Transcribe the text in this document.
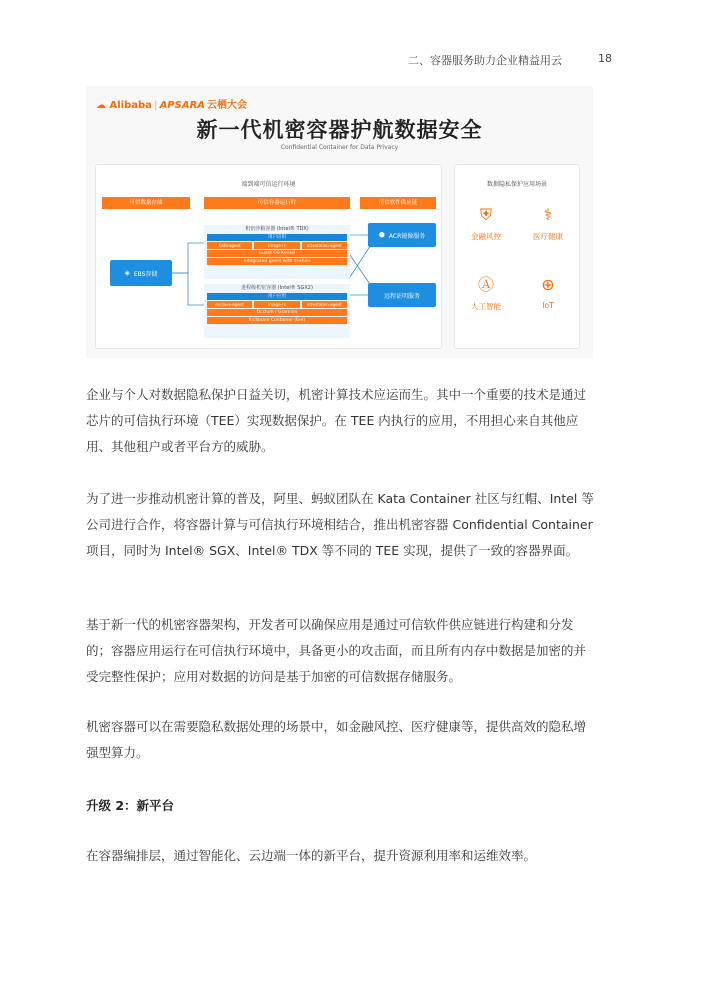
二、容器服务助力企业精益用云	18
☁ Alibaba | APSARA 云栖大会
新一代机密容器护航数据安全
Confidential Container for Data Privacy
端到端可信运行环境
可信数据存储	可信容器运行时	可信软件供应链
◈ EBS存储
机密沙箱容器 (Intel® TDX)
用户应用
Kata-agent	Image-rs	attestation-agent
Guest OS Kernel
Integrated guest with in-shim
进程级机密容器 (Intel® SGX2)
用户应用
enclave-agent	image-rs	attestation-agent
Occlum / Gramine
Inclavare Container (tee)
⬢ ACR镜像服务
远程证明服务
数据隐私保护应用场景
⛨
金融风控
⚕
医疗健康
Ⓐ
人工智能
⊕
IoT

企业与个人对数据隐私保护日益关切，机密计算技术应运而生。其中一个重要的技术是通过芯片的可信执行环境（TEE）实现数据保护。在 TEE 内执行的应用，不用担心来自其他应用、其他租户或者平台方的威胁。

为了进一步推动机密计算的普及，阿里、蚂蚁团队在 Kata Container 社区与红帽、Intel 等公司进行合作，将容器计算与可信执行环境相结合，推出机密容器 Confidential Container 项目，同时为 Intel® SGX、Intel® TDX 等不同的 TEE 实现，提供了一致的容器界面。

基于新一代的机密容器架构，开发者可以确保应用是通过可信软件供应链进行构建和分发的；容器应用运行在可信执行环境中，具备更小的攻击面，而且所有内存中数据是加密的并受完整性保护；应用对数据的访问是基于加密的可信数据存储服务。

机密容器可以在需要隐私数据处理的场景中，如金融风控、医疗健康等，提供高效的隐私增强型算力。

升级 2：新平台

在容器编排层，通过智能化、云边端一体的新平台，提升资源利用率和运维效率。
